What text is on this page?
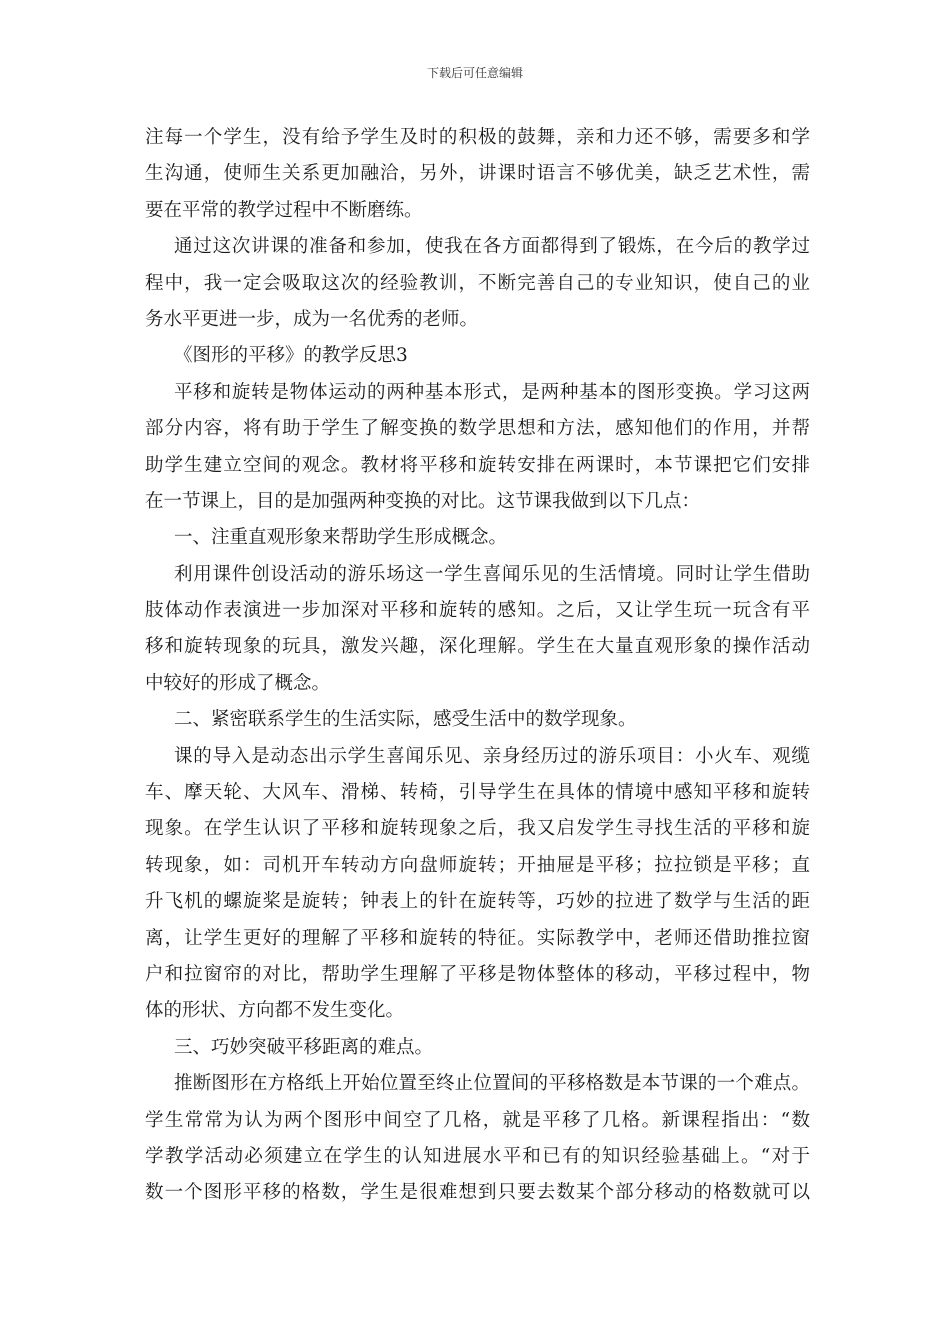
下载后可任意编辑
注每一个学生，没有给予学生及时的积极的鼓舞，亲和力还不够，需要多和学
生沟通，使师生关系更加融洽，另外，讲课时语言不够优美，缺乏艺术性，需
要在平常的教学过程中不断磨练。
通过这次讲课的准备和参加，使我在各方面都得到了锻炼，在今后的教学过
程中，我一定会吸取这次的经验教训，不断完善自己的专业知识，使自己的业
务水平更进一步，成为一名优秀的老师。
《图形的平移》的教学反思3
平移和旋转是物体运动的两种基本形式，是两种基本的图形变换。学习这两
部分内容，将有助于学生了解变换的数学思想和方法，感知他们的作用，并帮
助学生建立空间的观念。教材将平移和旋转安排在两课时，本节课把它们安排
在一节课上，目的是加强两种变换的对比。这节课我做到以下几点：
一、注重直观形象来帮助学生形成概念。
利用课件创设活动的游乐场这一学生喜闻乐见的生活情境。同时让学生借助
肢体动作表演进一步加深对平移和旋转的感知。之后，又让学生玩一玩含有平
移和旋转现象的玩具，激发兴趣，深化理解。学生在大量直观形象的操作活动
中较好的形成了概念。
二、紧密联系学生的生活实际，感受生活中的数学现象。
课的导入是动态出示学生喜闻乐见、亲身经历过的游乐项目：小火车、观缆
车、摩天轮、大风车、滑梯、转椅，引导学生在具体的情境中感知平移和旋转
现象。在学生认识了平移和旋转现象之后，我又启发学生寻找生活的平移和旋
转现象，如：司机开车转动方向盘师旋转；开抽屉是平移；拉拉锁是平移；直
升飞机的螺旋桨是旋转；钟表上的针在旋转等，巧妙的拉进了数学与生活的距
离，让学生更好的理解了平移和旋转的特征。实际教学中，老师还借助推拉窗
户和拉窗帘的对比，帮助学生理解了平移是物体整体的移动，平移过程中，物
体的形状、方向都不发生变化。
三、巧妙突破平移距离的难点。
推断图形在方格纸上开始位置至终止位置间的平移格数是本节课的一个难点。
学生常常为认为两个图形中间空了几格，就是平移了几格。新课程指出：“数
学教学活动必须建立在学生的认知进展水平和已有的知识经验基础上。“对于
数一个图形平移的格数，学生是很难想到只要去数某个部分移动的格数就可以
